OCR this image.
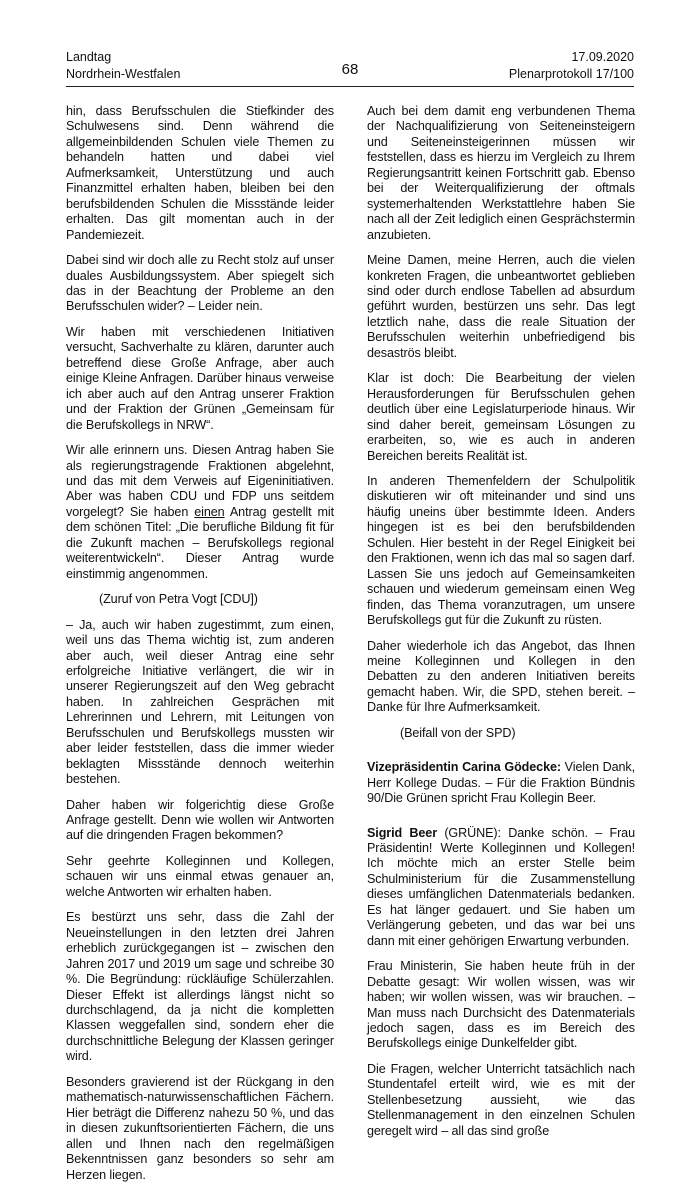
Landtag
Nordrhein-Westfalen	68
17.09.2020
Plenarprotokoll 17/100

hin, dass Berufsschulen die Stiefkinder des Schulwesens sind. Denn während die allgemeinbildenden Schulen viele Themen zu behandeln hatten und dabei viel Aufmerksamkeit, Unterstützung und auch Finanzmittel erhalten haben, bleiben bei den berufsbildenden Schulen die Missstände leider erhalten. Das gilt momentan auch in der Pandemiezeit.

Dabei sind wir doch alle zu Recht stolz auf unser duales Ausbildungssystem. Aber spiegelt sich das in der Beachtung der Probleme an den Berufsschulen wider? – Leider nein.

Wir haben mit verschiedenen Initiativen versucht, Sachverhalte zu klären, darunter auch betreffend diese Große Anfrage, aber auch einige Kleine Anfragen. Darüber hinaus verweise ich aber auch auf den Antrag unserer Fraktion und der Fraktion der Grünen „Gemeinsam für die Berufskollegs in NRW“.

Wir alle erinnern uns. Diesen Antrag haben Sie als regierungstragende Fraktionen abgelehnt, und das mit dem Verweis auf Eigeninitiativen. Aber was haben CDU und FDP uns seitdem vorgelegt? Sie haben einen Antrag gestellt mit dem schönen Titel: „Die berufliche Bildung fit für die Zukunft machen – Berufskollegs regional weiterentwickeln“. Dieser Antrag wurde einstimmig angenommen.

(Zuruf von Petra Vogt [CDU])

– Ja, auch wir haben zugestimmt, zum einen, weil uns das Thema wichtig ist, zum anderen aber auch, weil dieser Antrag eine sehr erfolgreiche Initiative verlängert, die wir in unserer Regierungszeit auf den Weg gebracht haben. In zahlreichen Gesprächen mit Lehrerinnen und Lehrern, mit Leitungen von Berufsschulen und Berufskollegs mussten wir aber leider feststellen, dass die immer wieder beklagten Missstände dennoch weiterhin bestehen.

Daher haben wir folgerichtig diese Große Anfrage gestellt. Denn wie wollen wir Antworten auf die dringenden Fragen bekommen?

Sehr geehrte Kolleginnen und Kollegen, schauen wir uns einmal etwas genauer an, welche Antworten wir erhalten haben.

Es bestürzt uns sehr, dass die Zahl der Neueinstellungen in den letzten drei Jahren erheblich zurückgegangen ist – zwischen den Jahren 2017 und 2019 um sage und schreibe 30 %. Die Begründung: rückläufige Schülerzahlen. Dieser Effekt ist allerdings längst nicht so durchschlagend, da ja nicht die kompletten Klassen weggefallen sind, sondern eher die durchschnittliche Belegung der Klassen geringer wird.

Besonders gravierend ist der Rückgang in den mathematisch-naturwissenschaftlichen Fächern. Hier beträgt die Differenz nahezu 50 %, und das in diesen zukunftsorientierten Fächern, die uns allen und Ihnen nach den regelmäßigen Bekenntnissen ganz besonders so sehr am Herzen liegen.

Auch bei dem damit eng verbundenen Thema der Nachqualifizierung von Seiteneinsteigern und Seiteneinsteigerinnen müssen wir feststellen, dass es hierzu im Vergleich zu Ihrem Regierungsantritt keinen Fortschritt gab. Ebenso bei der Weiterqualifizierung der oftmals systemerhaltenden Werkstattlehre haben Sie nach all der Zeit lediglich einen Gesprächstermin anzubieten.

Meine Damen, meine Herren, auch die vielen konkreten Fragen, die unbeantwortet geblieben sind oder durch endlose Tabellen ad absurdum geführt wurden, bestürzen uns sehr. Das legt letztlich nahe, dass die reale Situation der Berufsschulen weiterhin unbefriedigend bis desaströs bleibt.

Klar ist doch: Die Bearbeitung der vielen Herausforderungen für Berufsschulen gehen deutlich über eine Legislaturperiode hinaus. Wir sind daher bereit, gemeinsam Lösungen zu erarbeiten, so, wie es auch in anderen Bereichen bereits Realität ist.

In anderen Themenfeldern der Schulpolitik diskutieren wir oft miteinander und sind uns häufig uneins über bestimmte Ideen. Anders hingegen ist es bei den berufsbildenden Schulen. Hier besteht in der Regel Einigkeit bei den Fraktionen, wenn ich das mal so sagen darf. Lassen Sie uns jedoch auf Gemeinsamkeiten schauen und wiederum gemeinsam einen Weg finden, das Thema voranzutragen, um unsere Berufskollegs gut für die Zukunft zu rüsten.

Daher wiederhole ich das Angebot, das Ihnen meine Kolleginnen und Kollegen in den Debatten zu den anderen Initiativen bereits gemacht haben. Wir, die SPD, stehen bereit. – Danke für Ihre Aufmerksamkeit.

(Beifall von der SPD)

Vizepräsidentin Carina Gödecke: Vielen Dank, Herr Kollege Dudas. – Für die Fraktion Bündnis 90/Die Grünen spricht Frau Kollegin Beer.

Sigrid Beer (GRÜNE): Danke schön. – Frau Präsidentin! Werte Kolleginnen und Kollegen! Ich möchte mich an erster Stelle beim Schulministerium für die Zusammenstellung dieses umfänglichen Datenmaterials bedanken. Es hat länger gedauert. und Sie haben um Verlängerung gebeten, und das war bei uns dann mit einer gehörigen Erwartung verbunden.

Frau Ministerin, Sie haben heute früh in der Debatte gesagt: Wir wollen wissen, was wir haben; wir wollen wissen, was wir brauchen. – Man muss nach Durchsicht des Datenmaterials jedoch sagen, dass es im Bereich des Berufskollegs einige Dunkelfelder gibt.

Die Fragen, welcher Unterricht tatsächlich nach Stundentafel erteilt wird, wie es mit der Stellenbesetzung aussieht, wie das Stellenmanagement in den einzelnen Schulen geregelt wird – all das sind große
